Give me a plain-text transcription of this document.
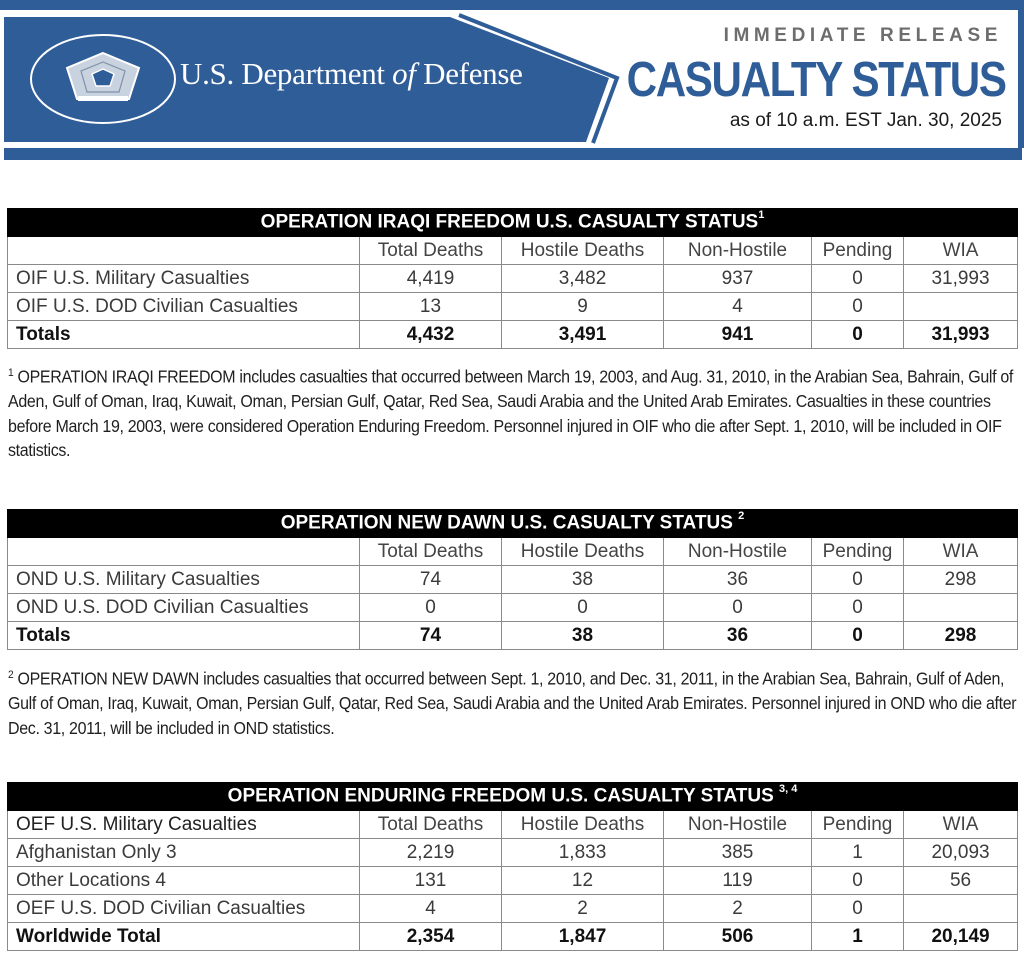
U.S. Department of Defense
IMMEDIATE RELEASE
CASUALTY STATUS
as of 10 a.m. EST Jan. 30, 2025
OPERATION IRAQI FREEDOM U.S. CASUALTY STATUS$^1$
	Total Deaths	Hostile Deaths	Non-Hostile	Pending	WIA
OIF U.S. Military Casualties	4,419	3,482	937	0	31,993
OIF U.S. DOD Civilian Casualties	13	9	4	0	
Totals	4,432	3,491	941	0	31,993

$^1$ OPERATION IRAQI FREEDOM includes casualties that occurred between March 19, 2003, and Aug. 31, 2010, in the Arabian Sea, Bahrain, Gulf of Aden, Gulf of Oman, Iraq, Kuwait, Oman, Persian Gulf, Qatar, Red Sea, Saudi Arabia and the United Arab Emirates. Casualties in these countries before March 19, 2003, were considered Operation Enduring Freedom. Personnel injured in OIF who die after Sept. 1, 2010, will be included in OIF statistics.

OPERATION NEW DAWN U.S. CASUALTY STATUS $^2$
	Total Deaths	Hostile Deaths	Non-Hostile	Pending	WIA
OND U.S. Military Casualties	74	38	36	0	298
OND U.S. DOD Civilian Casualties	0	0	0	0	
Totals	74	38	36	0	298

$^2$ OPERATION NEW DAWN includes casualties that occurred between Sept. 1, 2010, and Dec. 31, 2011, in the Arabian Sea, Bahrain, Gulf of Aden, Gulf of Oman, Iraq, Kuwait, Oman, Persian Gulf, Qatar, Red Sea, Saudi Arabia and the United Arab Emirates. Personnel injured in OND who die after Dec. 31, 2011, will be included in OND statistics.

OPERATION ENDURING FREEDOM U.S. CASUALTY STATUS $^{3, 4}$
OEF U.S. Military Casualties	Total Deaths	Hostile Deaths	Non-Hostile	Pending	WIA
Afghanistan Only 3	2,219	1,833	385	1	20,093
Other Locations 4	131	12	119	0	56
OEF U.S. DOD Civilian Casualties	4	2	2	0	
Worldwide Total	2,354	1,847	506	1	20,149
